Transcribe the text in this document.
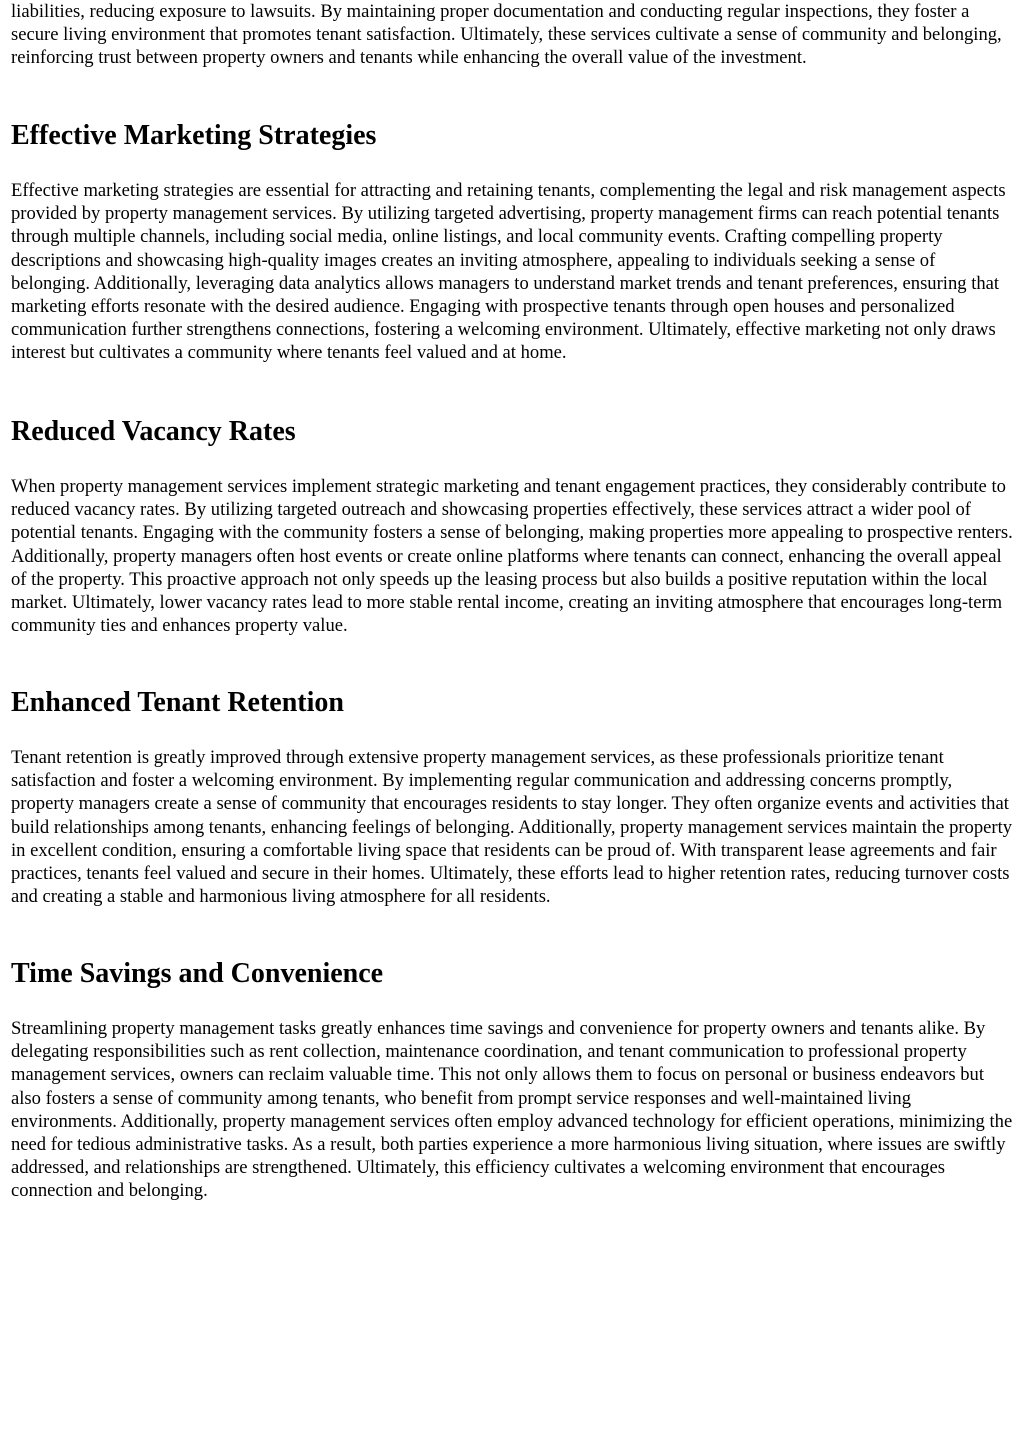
liabilities, reducing exposure to lawsuits. By maintaining proper documentation and conducting regular inspections, they foster a secure living environment that promotes tenant satisfaction. Ultimately, these services cultivate a sense of community and belonging, reinforcing trust between property owners and tenants while enhancing the overall value of the investment.

Effective Marketing Strategies

Effective marketing strategies are essential for attracting and retaining tenants, complementing the legal and risk management aspects provided by property management services. By utilizing targeted advertising, property management firms can reach potential tenants through multiple channels, including social media, online listings, and local community events. Crafting compelling property descriptions and showcasing high-quality images creates an inviting atmosphere, appealing to individuals seeking a sense of belonging. Additionally, leveraging data analytics allows managers to understand market trends and tenant preferences, ensuring that marketing efforts resonate with the desired audience. Engaging with prospective tenants through open houses and personalized communication further strengthens connections, fostering a welcoming environment. Ultimately, effective marketing not only draws interest but cultivates a community where tenants feel valued and at home.

Reduced Vacancy Rates

When property management services implement strategic marketing and tenant engagement practices, they considerably contribute to reduced vacancy rates. By utilizing targeted outreach and showcasing properties effectively, these services attract a wider pool of potential tenants. Engaging with the community fosters a sense of belonging, making properties more appealing to prospective renters. Additionally, property managers often host events or create online platforms where tenants can connect, enhancing the overall appeal of the property. This proactive approach not only speeds up the leasing process but also builds a positive reputation within the local market. Ultimately, lower vacancy rates lead to more stable rental income, creating an inviting atmosphere that encourages long-term community ties and enhances property value.

Enhanced Tenant Retention

Tenant retention is greatly improved through extensive property management services, as these professionals prioritize tenant satisfaction and foster a welcoming environment. By implementing regular communication and addressing concerns promptly, property managers create a sense of community that encourages residents to stay longer. They often organize events and activities that build relationships among tenants, enhancing feelings of belonging. Additionally, property management services maintain the property in excellent condition, ensuring a comfortable living space that residents can be proud of. With transparent lease agreements and fair practices, tenants feel valued and secure in their homes. Ultimately, these efforts lead to higher retention rates, reducing turnover costs and creating a stable and harmonious living atmosphere for all residents.

Time Savings and Convenience

Streamlining property management tasks greatly enhances time savings and convenience for property owners and tenants alike. By delegating responsibilities such as rent collection, maintenance coordination, and tenant communication to professional property management services, owners can reclaim valuable time. This not only allows them to focus on personal or business endeavors but also fosters a sense of community among tenants, who benefit from prompt service responses and well-maintained living environments. Additionally, property management services often employ advanced technology for efficient operations, minimizing the need for tedious administrative tasks. As a result, both parties experience a more harmonious living situation, where issues are swiftly addressed, and relationships are strengthened. Ultimately, this efficiency cultivates a welcoming environment that encourages connection and belonging.
